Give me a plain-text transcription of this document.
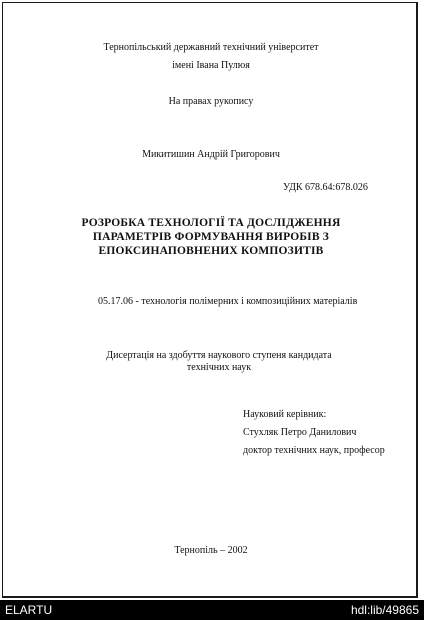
Тернопільський державний технічний університет
імені Івана Пулюя
На правах рукопису
Микитишин Андрій Григорович
УДК 678.64:678.026
РОЗРОБКА ТЕХНОЛОГІЇ ТА ДОСЛІДЖЕННЯ
ПАРАМЕТРІВ ФОРМУВАННЯ ВИРОБІВ З
ЕПОКСИНАПОВНЕНИХ КОМПОЗИТІВ
05.17.06 - технологія полімерних і композиційних матеріалів
Дисертація на здобуття наукового ступеня кандидата
технічних наук
Науковий керівник:
Стухляк Петро Данилович
доктор технічних наук, професор
Тернопіль – 2002
ELARTU	hdl:lib/49865
